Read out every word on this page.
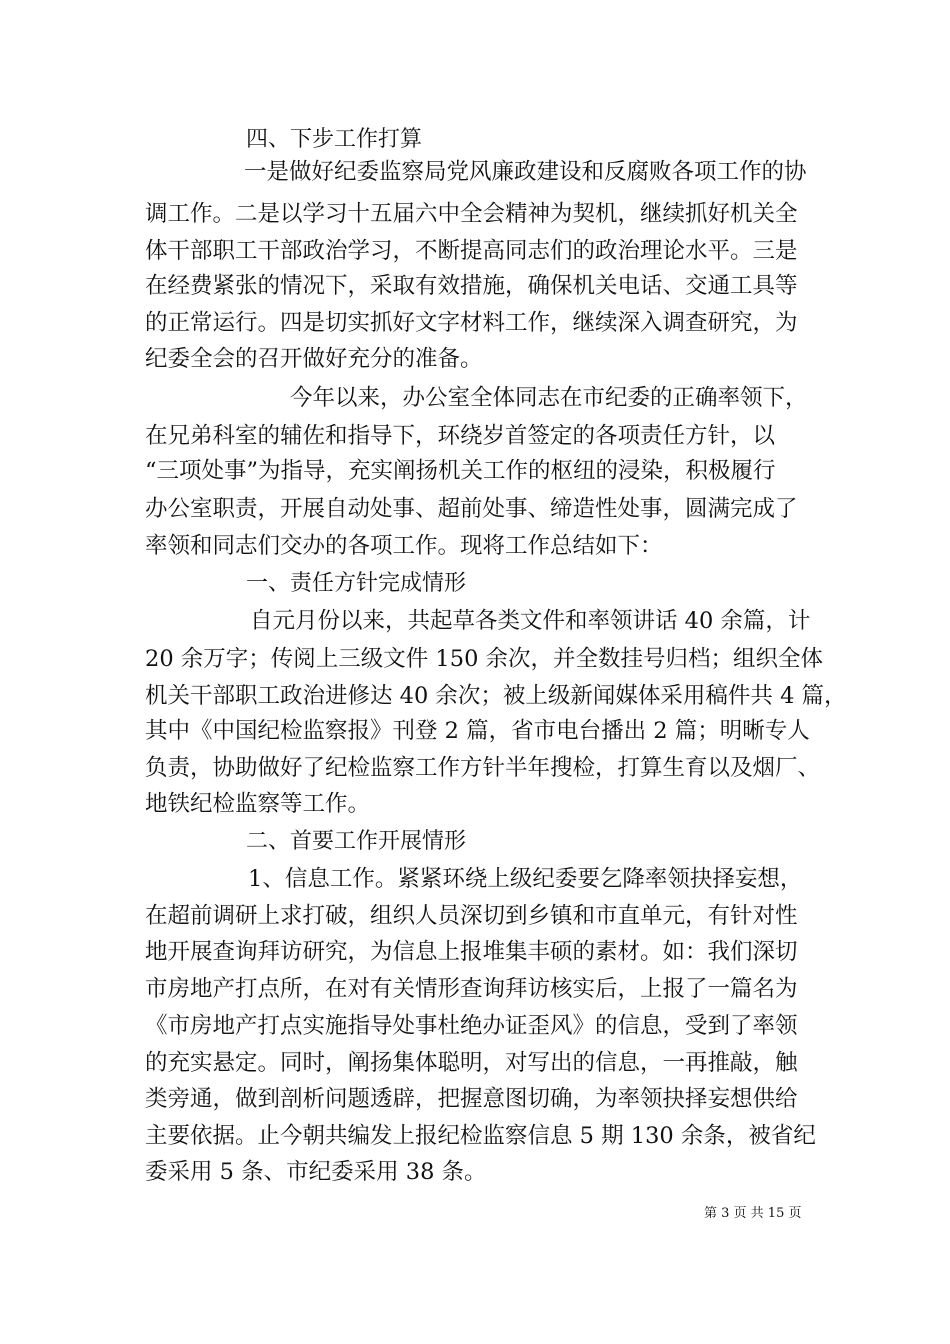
四、下步工作打算
一是做好纪委监察局党风廉政建设和反腐败各项工作的协
调工作。二是以学习十五届六中全会精神为契机，继续抓好机关全
体干部职工干部政治学习，不断提高同志们的政治理论水平。三是
在经费紧张的情况下，采取有效措施，确保机关电话、交通工具等
的正常运行。四是切实抓好文字材料工作，继续深入调查研究，为
纪委全会的召开做好充分的准备。
今年以来，办公室全体同志在市纪委的正确率领下，
在兄弟科室的辅佐和指导下，环绕岁首签定的各项责任方针，以
“三项处事”为指导，充实阐扬机关工作的枢纽的浸染，积极履行
办公室职责，开展自动处事、超前处事、缔造性处事，圆满完成了
率领和同志们交办的各项工作。现将工作总结如下：
一、责任方针完成情形
自元月份以来，共起草各类文件和率领讲话 40 余篇，计
20 余万字；传阅上三级文件 150 余次，并全数挂号归档；组织全体
机关干部职工政治进修达 40 余次；被上级新闻媒体采用稿件共 4 篇，
其中《中国纪检监察报》刊登 2 篇，省市电台播出 2 篇；明晰专人
负责，协助做好了纪检监察工作方针半年搜检，打算生育以及烟厂、
地铁纪检监察等工作。
二、首要工作开展情形
1、信息工作。紧紧环绕上级纪委要乞降率领抉择妄想，
在超前调研上求打破，组织人员深切到乡镇和市直单元，有针对性
地开展查询拜访研究，为信息上报堆集丰硕的素材。如：我们深切
市房地产打点所，在对有关情形查询拜访核实后，上报了一篇名为
《市房地产打点实施指导处事杜绝办证歪风》的信息，受到了率领
的充实悬定。同时，阐扬集体聪明，对写出的信息，一再推敲，触
类旁通，做到剖析问题透辟，把握意图切确，为率领抉择妄想供给
主要依据。止今朝共编发上报纪检监察信息 5 期 130 余条，被省纪
委采用 5 条、市纪委采用 38 条。
第 3 页 共 15 页
